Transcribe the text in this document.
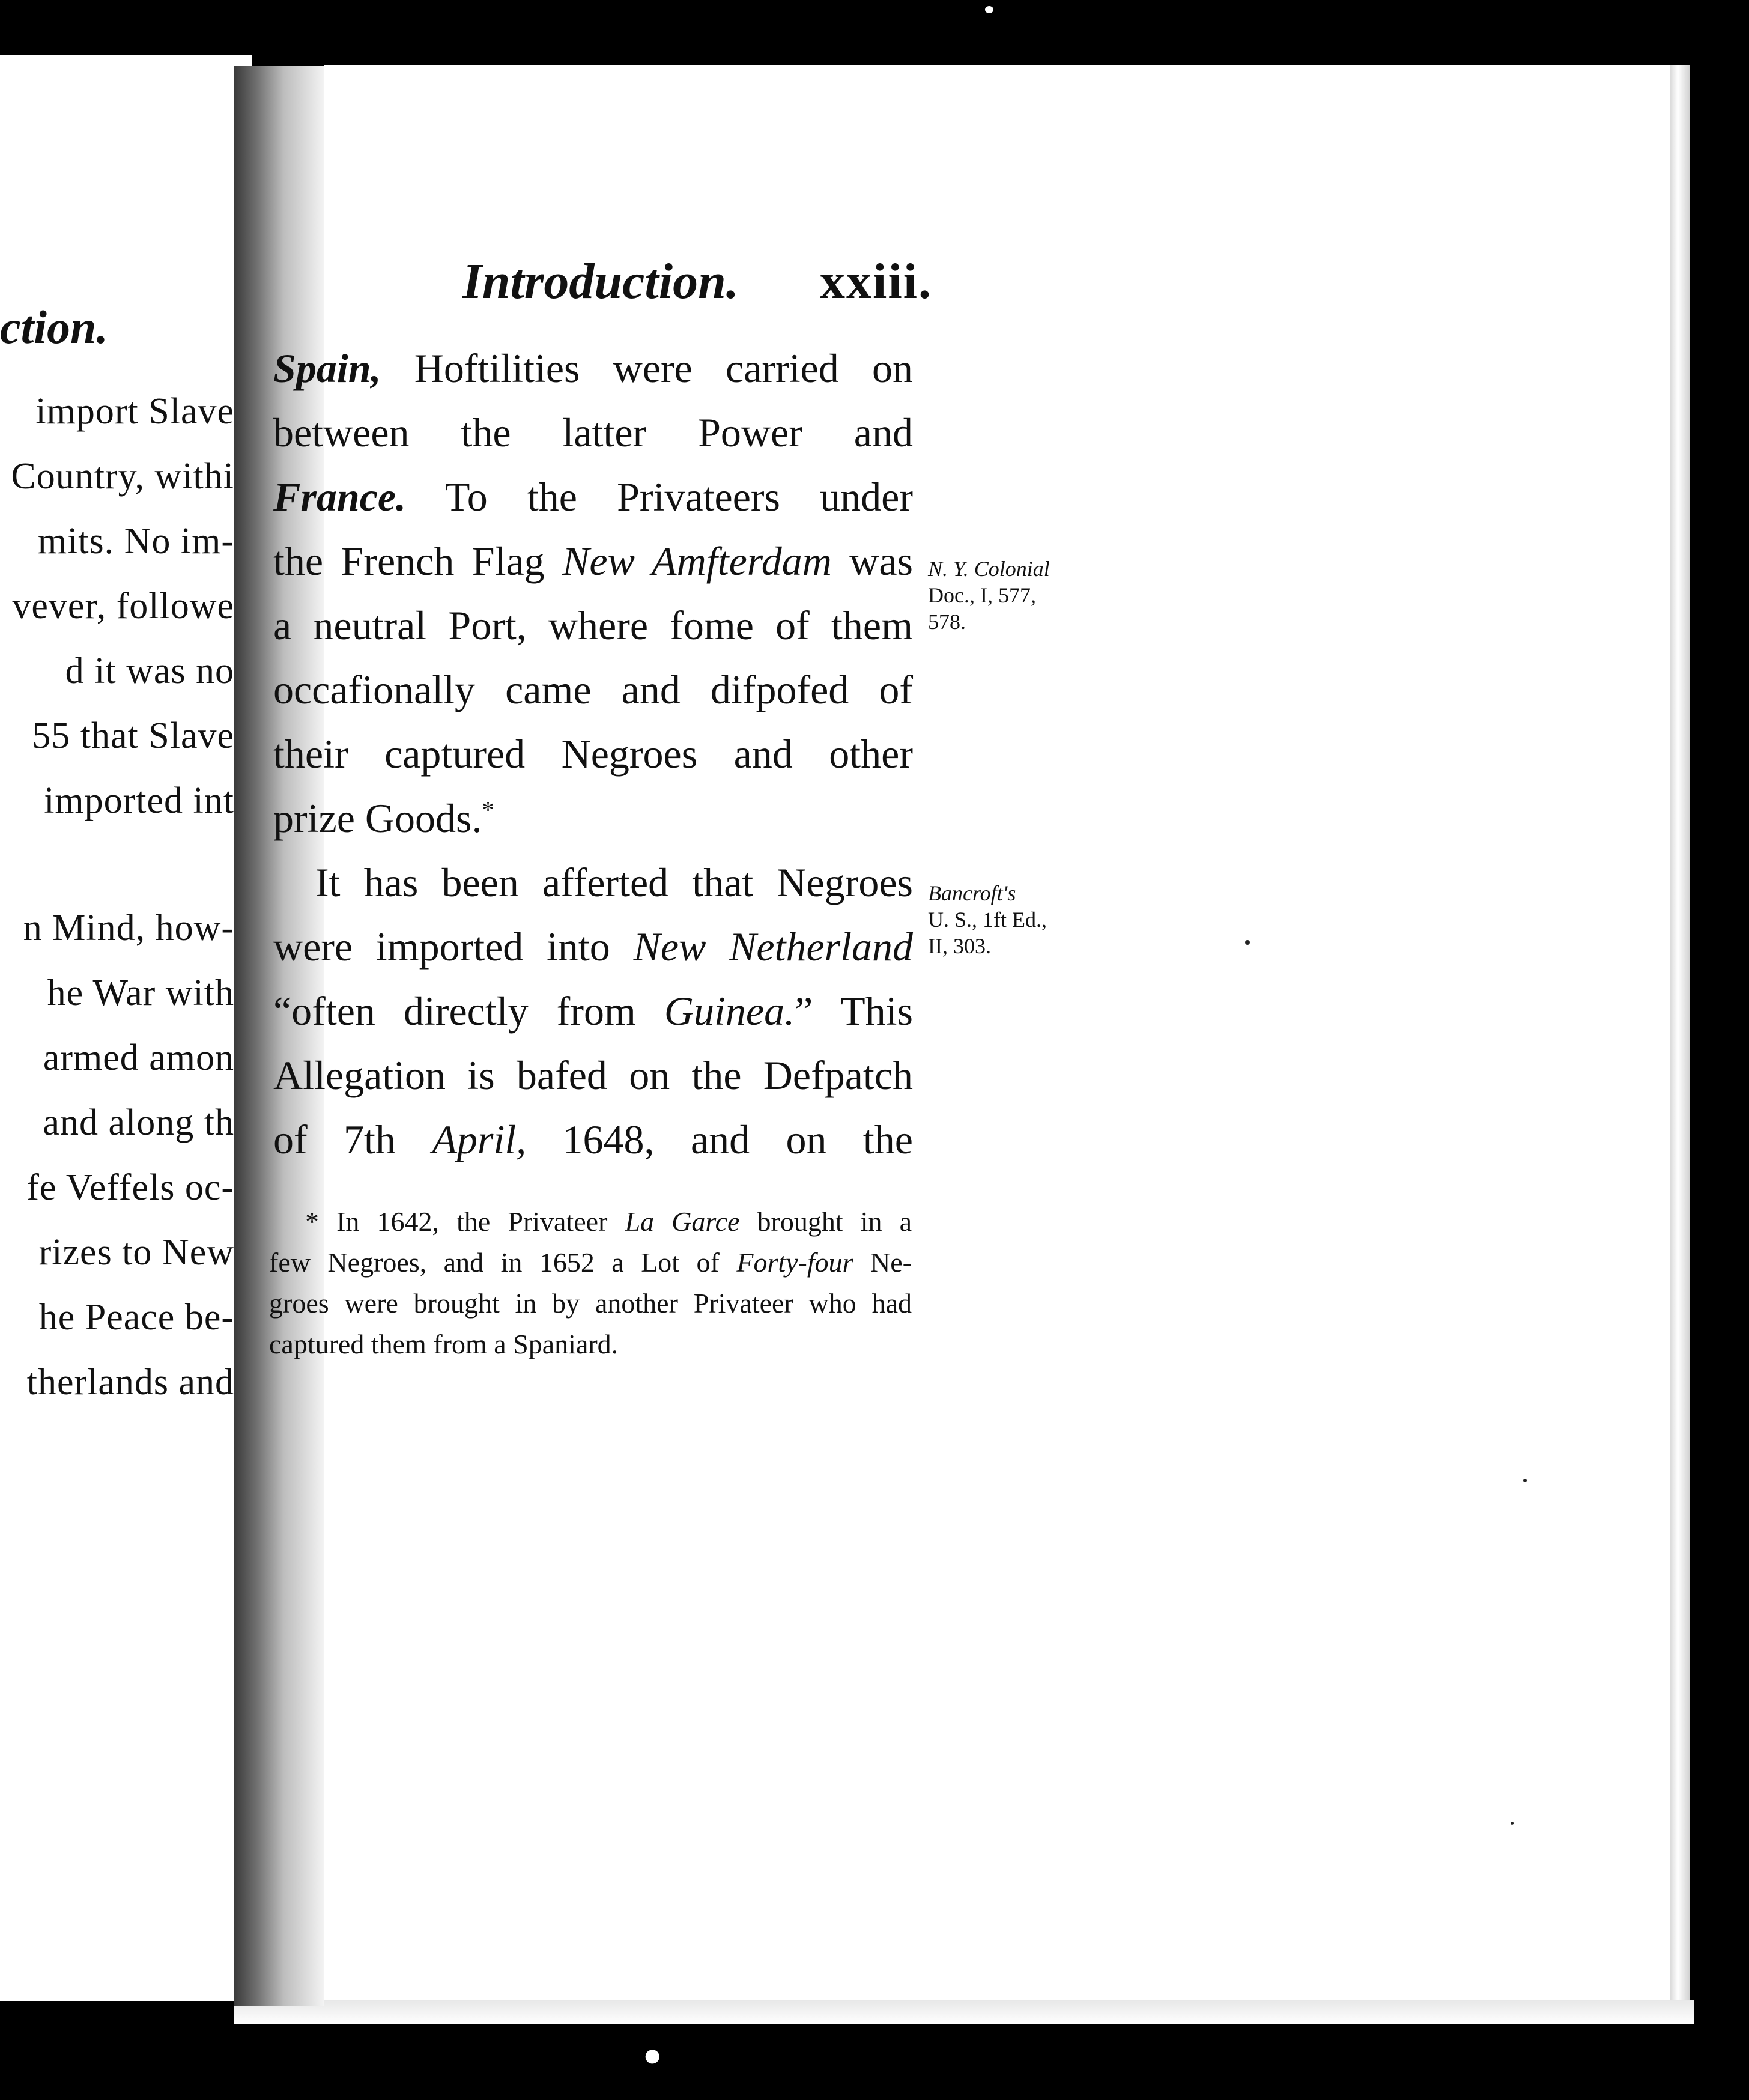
ction.
import Slave
Country, withi
mits. No im-
vever, followe
d it was no
55 that Slave
imported int
n Mind, how-
he War with
armed amon
and along th
fe Veffels oc-
rizes to New
he Peace be-
therlands and
Introduction. xxiii.
Spain, Hoftilities were carried on
between the latter Power and
France. To the Privateers under
the French Flag New Amfterdam was
a neutral Port, where fome of them
occafionally came and difpofed of
their captured Negroes and other
prize Goods.*
It has been afferted that Negroes
were imported into New Netherland
“often directly from Guinea.” This
Allegation is bafed on the Defpatch
of 7th April, 1648, and on the
* In 1642, the Privateer La Garce brought in a
few Negroes, and in 1652 a Lot of Forty-four Ne-
groes were brought in by another Privateer who had
captured them from a Spaniard.
N. Y. Colonial
Doc., I, 577,
578.
Bancroft's
U. S., 1ft Ed.,
II, 303.
●
